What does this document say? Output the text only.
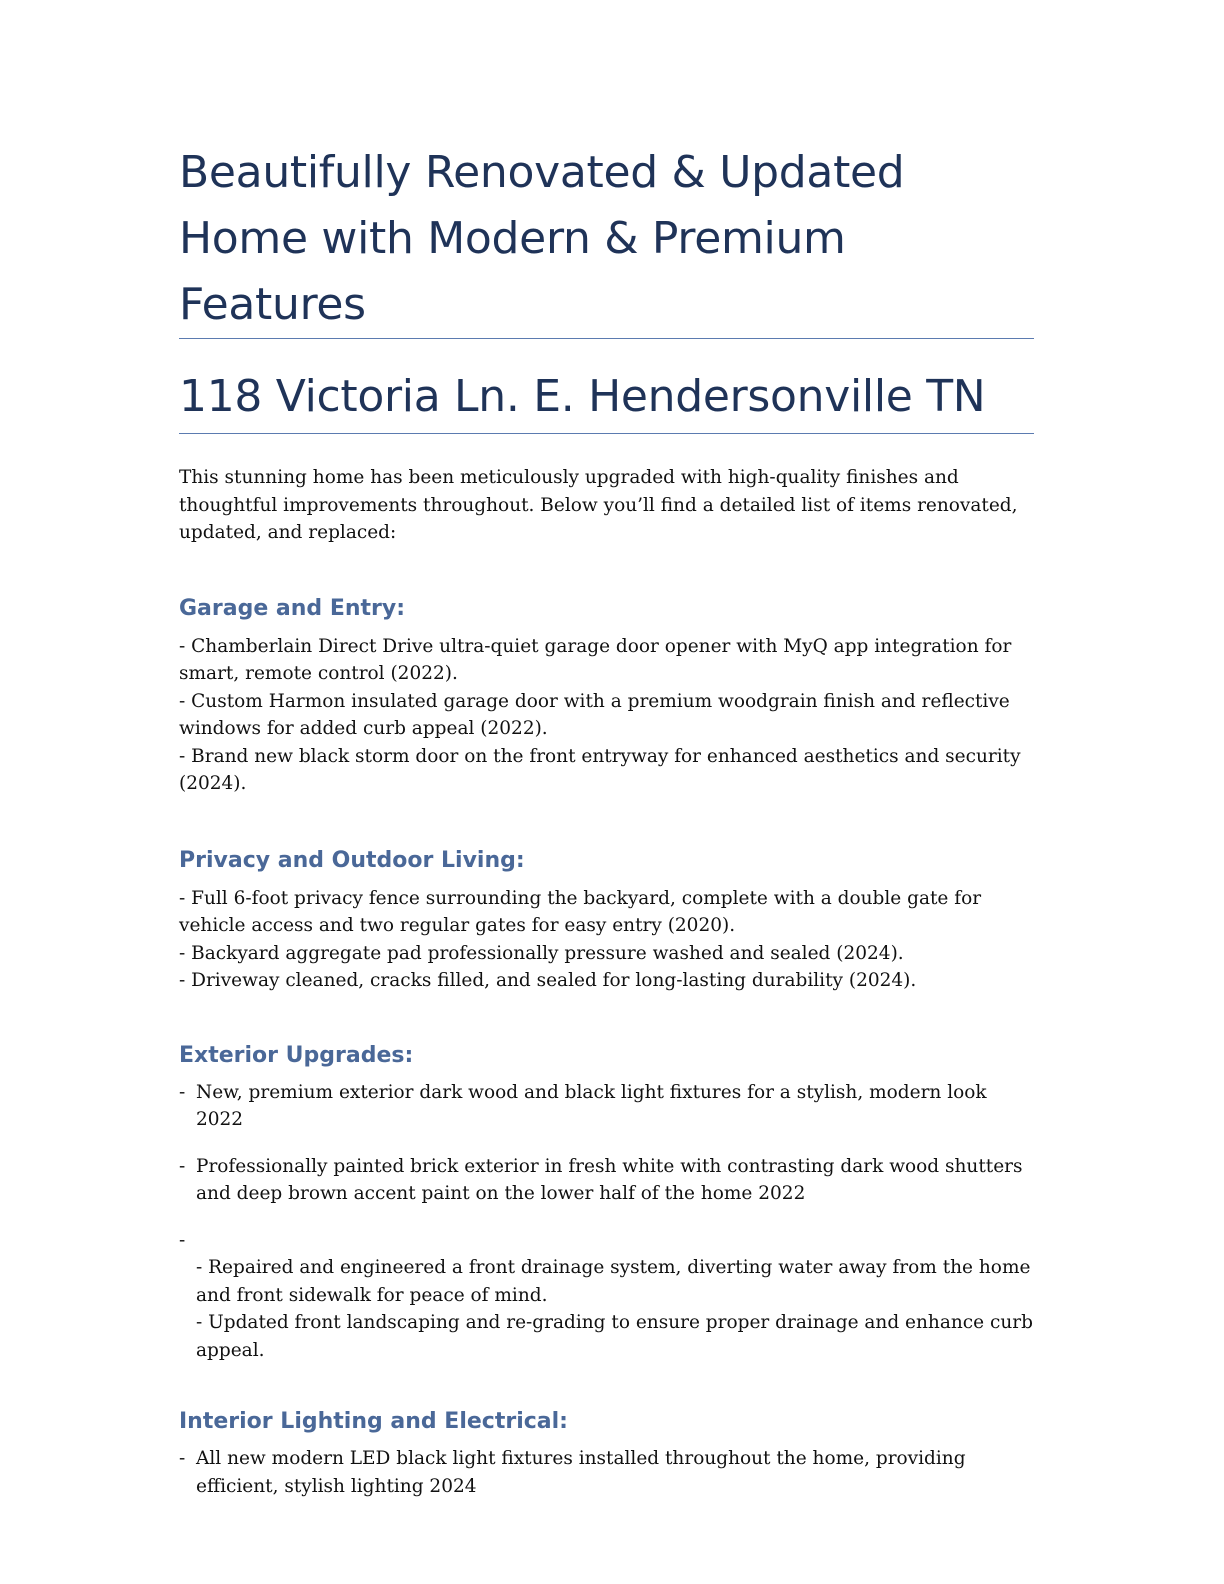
Beautifully Renovated & Updated Home with Modern & Premium Features
118 Victoria Ln. E. Hendersonville TN

This stunning home has been meticulously upgraded with high-quality finishes and thoughtful improvements throughout. Below you’ll find a detailed list of items renovated, updated, and replaced:

Garage and Entry:

- Chamberlain Direct Drive ultra-quiet garage door opener with MyQ app integration for smart, remote control (2022).

- Custom Harmon insulated garage door with a premium woodgrain finish and reflective windows for added curb appeal (2022).

- Brand new black storm door on the front entryway for enhanced aesthetics and security (2024).

Privacy and Outdoor Living:

- Full 6-foot privacy fence surrounding the backyard, complete with a double gate for vehicle access and two regular gates for easy entry (2020).

- Backyard aggregate pad professionally pressure washed and sealed (2024).

- Driveway cleaned, cracks filled, and sealed for long-lasting durability (2024).

Exterior Upgrades:
- New, premium exterior dark wood and black light fixtures for a stylish, modern look 2022
- Professionally painted brick exterior in fresh white with contrasting dark wood shutters and deep brown accent paint on the lower half of the home 2022
-

- Repaired and engineered a front drainage system, diverting water away from the home and front sidewalk for peace of mind.

- Updated front landscaping and re-grading to ensure proper drainage and enhance curb appeal.

Interior Lighting and Electrical:
- All new modern LED black light fixtures installed throughout the home, providing efficient, stylish lighting 2024
